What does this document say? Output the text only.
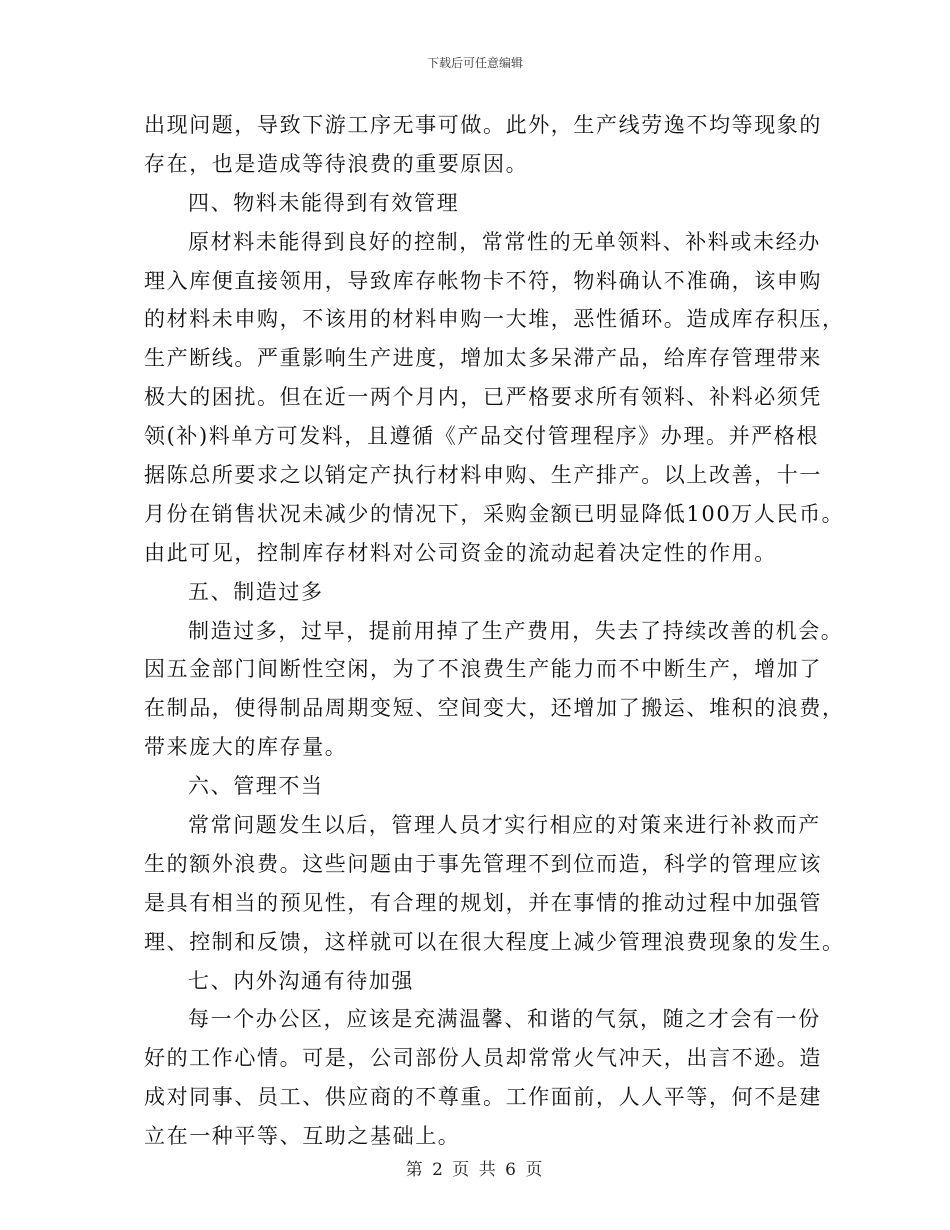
下载后可任意编辑
出现问题，导致下游工序无事可做。此外，生产线劳逸不均等现象的
存在，也是造成等待浪费的重要原因。
四、物料未能得到有效管理
原材料未能得到良好的控制，常常性的无单领料、补料或未经办
理入库便直接领用，导致库存帐物卡不符，物料确认不准确，该申购
的材料未申购，不该用的材料申购一大堆，恶性循环。造成库存积压，
生产断线。严重影响生产进度，增加太多呆滞产品，给库存管理带来
极大的困扰。但在近一两个月内，已严格要求所有领料、补料必须凭
领(补)料单方可发料，且遵循《产品交付管理程序》办理。并严格根
据陈总所要求之以销定产执行材料申购、生产排产。以上改善，十一
月份在销售状况未减少的情况下，采购金额已明显降低100万人民币。
由此可见，控制库存材料对公司资金的流动起着决定性的作用。
五、制造过多
制造过多，过早，提前用掉了生产费用，失去了持续改善的机会。
因五金部门间断性空闲，为了不浪费生产能力而不中断生产，增加了
在制品，使得制品周期变短、空间变大，还增加了搬运、堆积的浪费，
带来庞大的库存量。
六、管理不当
常常问题发生以后，管理人员才实行相应的对策来进行补救而产
生的额外浪费。这些问题由于事先管理不到位而造，科学的管理应该
是具有相当的预见性，有合理的规划，并在事情的推动过程中加强管
理、控制和反馈，这样就可以在很大程度上减少管理浪费现象的发生。
七、内外沟通有待加强
每一个办公区，应该是充满温馨、和谐的气氛，随之才会有一份
好的工作心情。可是，公司部份人员却常常火气冲天，出言不逊。造
成对同事、员工、供应商的不尊重。工作面前，人人平等，何不是建
立在一种平等、互助之基础上。
第 2 页 共 6 页
